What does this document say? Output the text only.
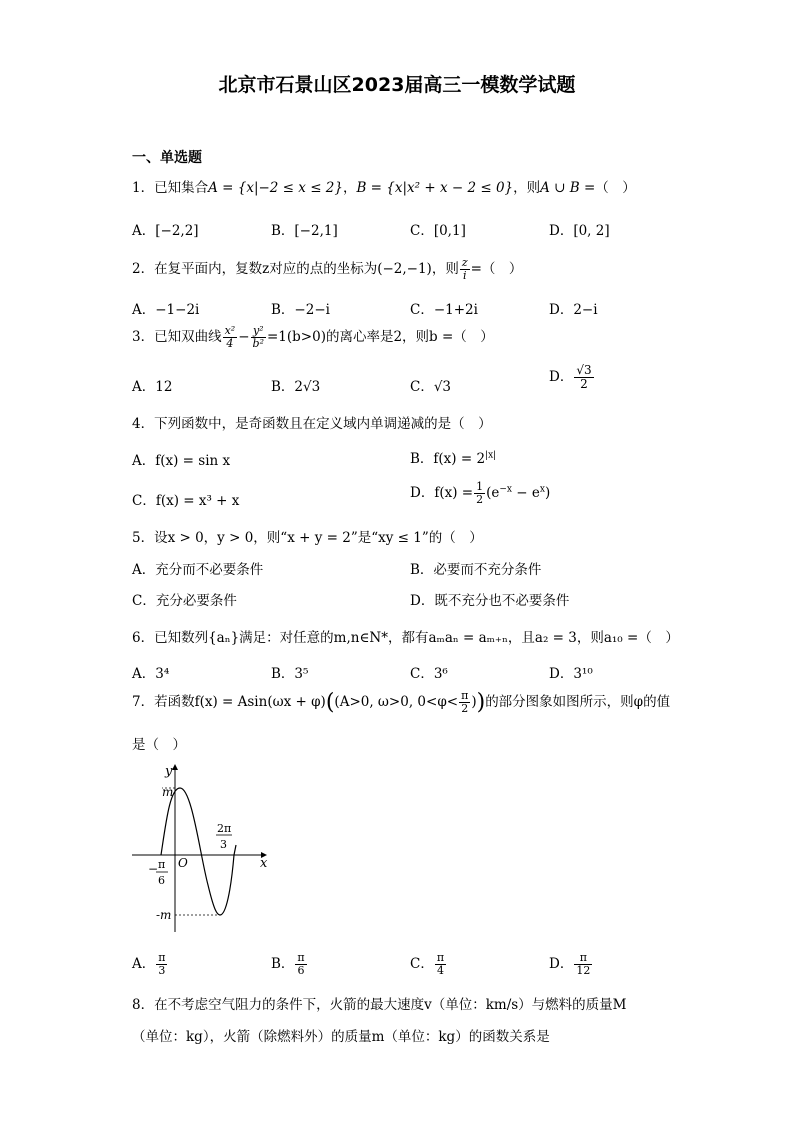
北京市石景山区2023届高三一模数学试题
一、单选题
1．已知集合A = {x|−2 ≤ x ≤ 2}，B = {x|x² + x − 2 ≤ 0}，则A ∪ B =（　）
A．[−2,2]	B．[−2,1]	C．[0,1]	D．[0, 2]
2．在复平面内，复数z对应的点的坐标为(−2,−1)，则 $\frac{z}{i}$ =（　）
A．−1−2i	B．−2−i	C．−1+2i	D．2−i
3．已知双曲线 $\frac{\text{x²}}{4} - \frac{\text{y²}}{\text{b²}} =1(b>0)$的离心率是2，则b =（　）
A．12	B．2√3	C．√3
D． $\frac{√3}{2}$
4．下列函数中，是奇函数且在定义域内单调递减的是（　）
A．f(x) = sin x	B．$f(x) = 2^{|x|}$
C．f(x) = x³ + x	D．$f(x) = \frac{1}{2} (e^{-x} - e^x)$
5．设x > 0，y > 0，则“x + y = 2”是“xy ≤ 1”的（　）
A．充分而不必要条件	B．必要而不充分条件
C．充分必要条件	D．既不充分也不必要条件
6．已知数列{aₙ}满足：对任意的m,n∈N*，都有aₘaₙ = aₘ₊ₙ，且a₂ = 3，则a₁₀ =（　）
A．3⁴	B．3⁵	C．3⁶	D．3¹⁰
7．若函数f(x) = Asin(ωx + φ)((A>0, ω>0, $0<\varphi< \frac{\pi}{2}$ ))的部分图象如图所示，则φ的值
是（　）
y
x
O
m
-m
− π
6
2π
3
A． $\frac{\pi}{3}$	B． $\frac{\pi}{6}$	C． $\frac{\pi}{4}$	D． $\frac{\pi}{12}$
8．在不考虑空气阻力的条件下，火箭的最大速度v（单位：km/s）与燃料的质量M
（单位：kg），火箭（除燃料外）的质量m（单位：kg）的函数关系是
